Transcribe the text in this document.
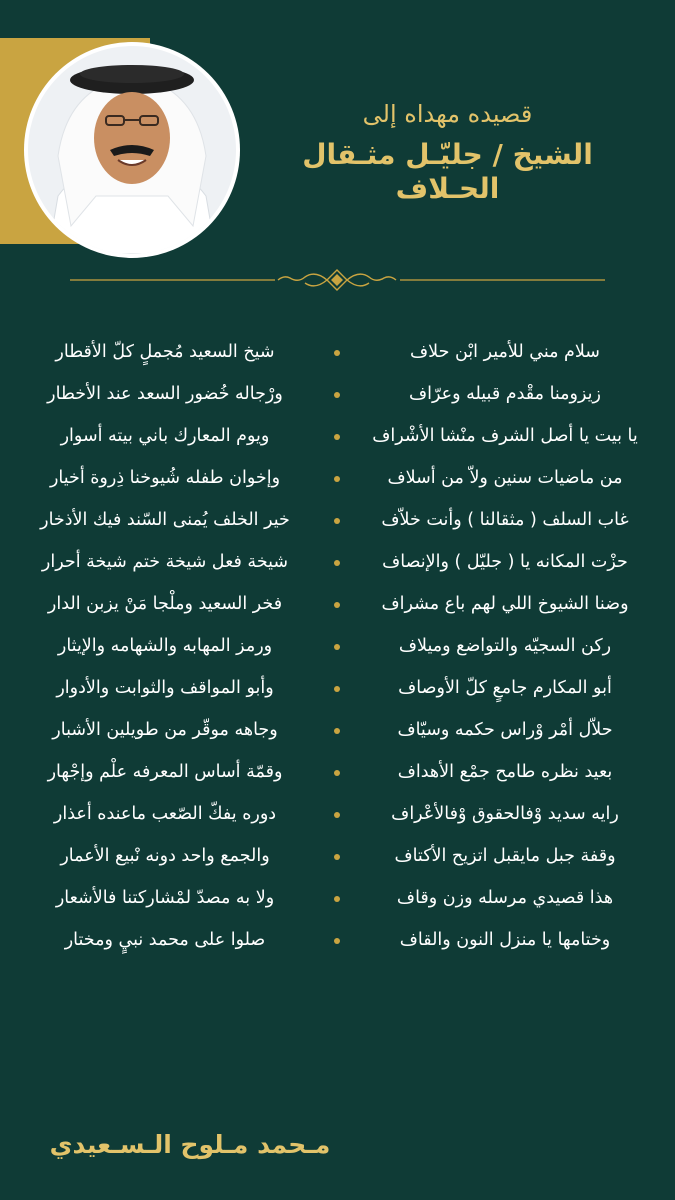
قصيده مهداه إلى
الشيخ / جليّـل مثـقال الحـلاف
سلام مني للأمير ابْن حلاف
شيخ السعيد مُجملٍ كلّ الأقطار
زيزومنا مقْدم قبيله وعرّاف
ورْجاله خُضور السعد عند الأخطار
يا بيت يا أصل الشرف منْشا الأشْراف
ويوم المعارك باني بيته أسوار
من ماضيات سنين ولاّ من أسلاف
وإخوان طفله شُيوخنا ذِروة أخيار
غاب السلف ( مثقالنا ) وأنت خلاّف
خير الخلف يُمنى السّند فيك الأذخار
حزْت المكانه يا ( جليّل ) والإنصاف
شيخة فعل شيخة ختم شيخة أحرار
وضنا الشيوخ اللي لهم باع مشراف
فخر السعيد وملْجا مَنْ يزبن الدار
ركن السجيّه والتواضع وميلاف
ورمز المهابه والشهامه والإيثار
أبو المكارم جامعٍ كلّ الأوصاف
وأبو المواقف والثوابت والأدوار
حلاّل أمْر وْراس حكمه وسيّاف
وجاهه موقّر من طويلين الأشبار
بعيد نظره طامح جمْع الأهداف
وقمّة أساس المعرفه علْم وإجْهار
رايه سديد وْفالحقوق وْفالأعْراف
دوره يفكّ الصّعب ماعنده أعذار
وقفة جبل مايقبل اتزيح الأكتاف
والجمع واحد دونه نْبيع الأعمار
هذا قصيدي مرسله وزن وقاف
ولا به مصدّ لمْشاركتنا فالأشعار
وختامها يا منزل النون والقاف
صلوا على محمد نبيٍ ومختار
مـحمد مـلوح الـسـعيدي
